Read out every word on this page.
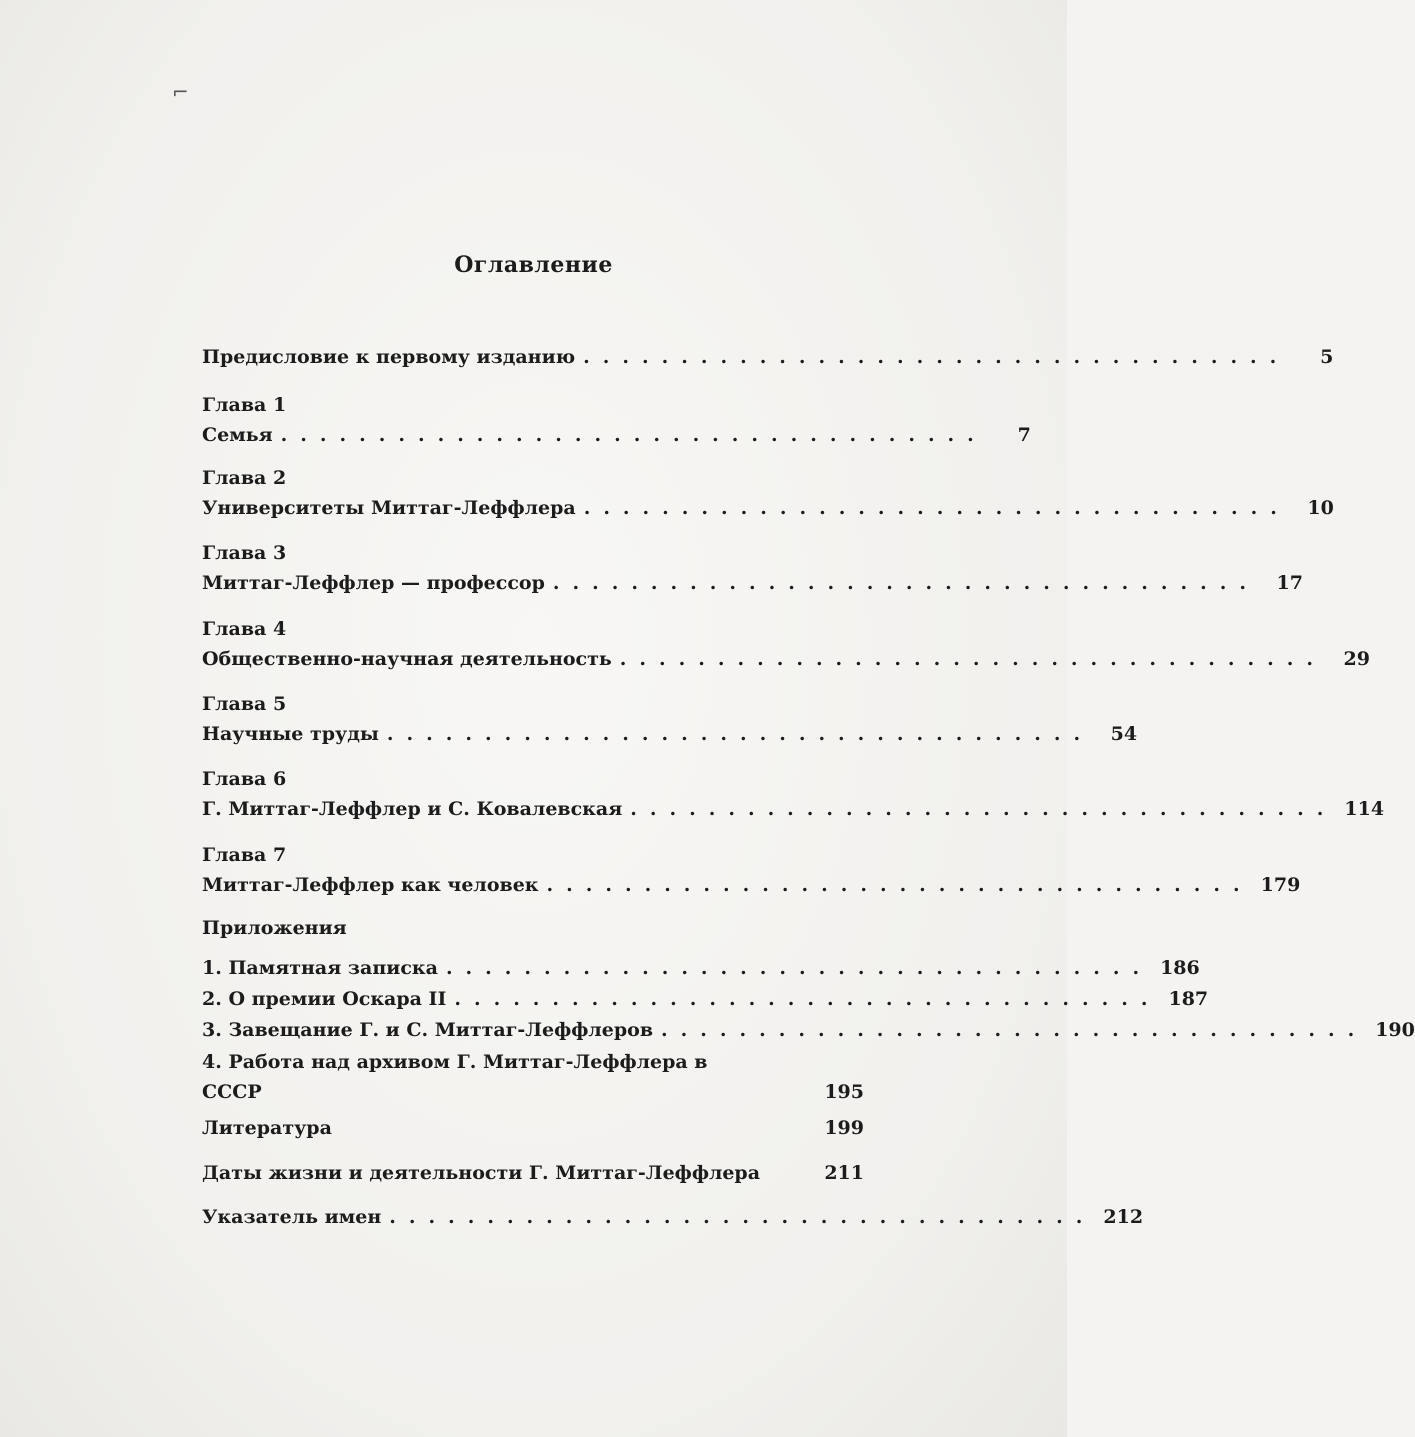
⌐
Оглавление
Предисловие к первому изданию ....................................	5
Глава 1
Семья ....................................	7
Глава 2
Университеты Миттаг-Леффлера .................................... 10
Глава 3
Миттаг-Леффлер — профессор .................................... 17
Глава 4
Общественно-научная деятельность .................................... 29
Глава 5
Научные труды .................................... 54
Глава 6
Г. Миттаг-Леффлер и С. Ковалевская .................................... 114
Глава 7
Миттаг-Леффлер как человек .................................... 179
Приложения
1. Памятная записка .................................... 186
2. О премии Оскара II .................................... 187
3. Завещание Г. и С. Миттаг-Леффлеров .................................... 190
4. Работа над архивом Г. Миттаг-Леффлера в
СССР	195
Литература	199
Даты жизни и деятельности Г. Миттаг-Леффлера	211
Указатель имен .................................... 212
